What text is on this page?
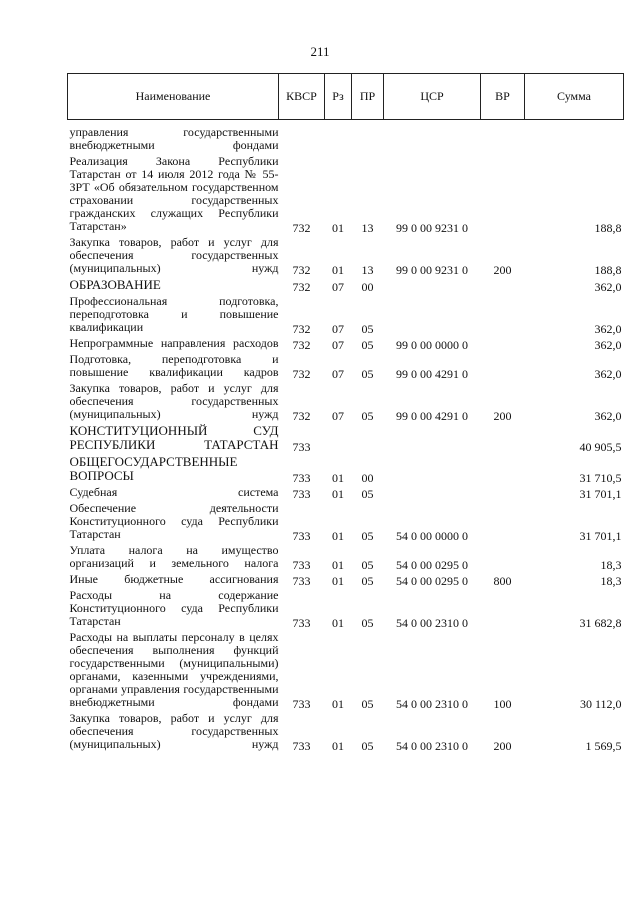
211
Наименование	КВСР	Рз	ПР	ЦСР	ВР	Сумма

управления государственными внебюджетными фондами						
Реализация Закона Республики Татарстан от 14 июля 2012 года № 55-ЗРТ «Об обязательном государственном страховании государственных гражданских служащих Республики Татарстан»	732	01	13	99 0 00 9231 0		188,8
Закупка товаров, работ и услуг для обеспечения государственных (муниципальных) нужд	732	01	13	99 0 00 9231 0	200	188,8
ОБРАЗОВАНИЕ	732	07	00			362,0
Профессиональная подготовка, переподготовка и повышение квалификации	732	07	05			362,0
Непрограммные направления расходов	732	07	05	99 0 00 0000 0		362,0
Подготовка, переподготовка и повышение квалификации кадров	732	07	05	99 0 00 4291 0		362,0
Закупка товаров, работ и услуг для обеспечения государственных (муниципальных) нужд	732	07	05	99 0 00 4291 0	200	362,0
КОНСТИТУЦИОННЫЙ СУД РЕСПУБЛИКИ ТАТАРСТАН	733					40 905,5
ОБЩЕГОСУДАРСТВЕННЫЕ ВОПРОСЫ	733	01	00			31 710,5
Судебная система	733	01	05			31 701,1
Обеспечение деятельности Конституционного суда Республики Татарстан	733	01	05	54 0 00 0000 0		31 701,1
Уплата налога на имущество организаций и земельного налога	733	01	05	54 0 00 0295 0		18,3
Иные бюджетные ассигнования	733	01	05	54 0 00 0295 0	800	18,3
Расходы на содержание Конституционного суда Республики Татарстан	733	01	05	54 0 00 2310 0		31 682,8
Расходы на выплаты персоналу в целях обеспечения выполнения функций государственными (муниципальными) органами, казенными учреждениями, органами управления государственными внебюджетными фондами	733	01	05	54 0 00 2310 0	100	30 112,0
Закупка товаров, работ и услуг для обеспечения государственных (муниципальных) нужд	733	01	05	54 0 00 2310 0	200	1 569,5
